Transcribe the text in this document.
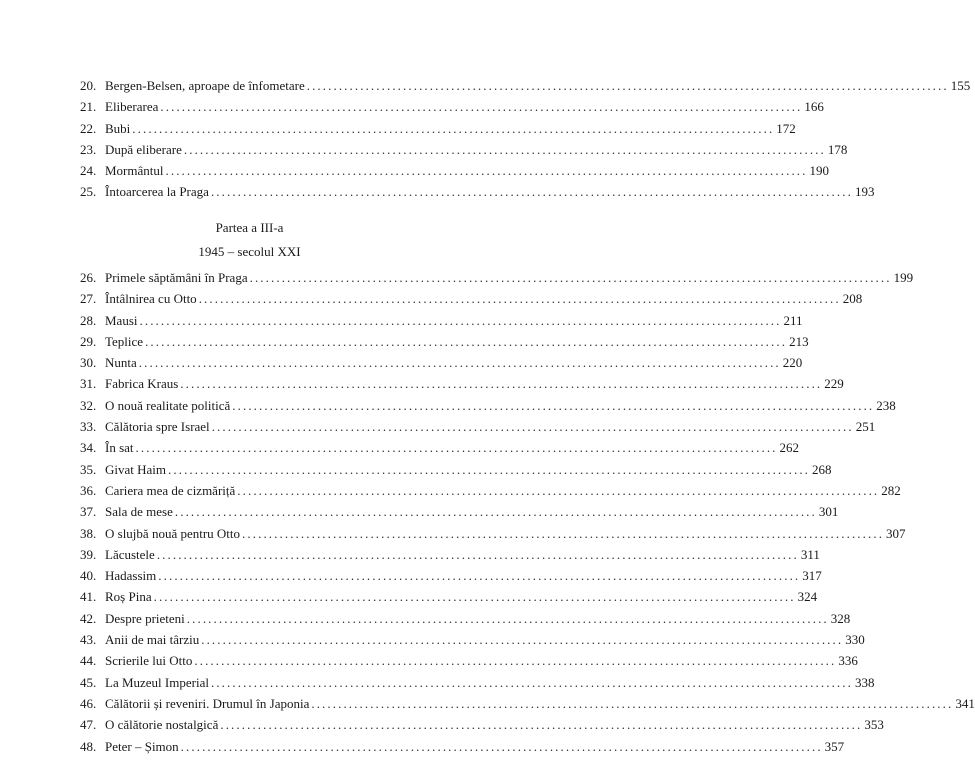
20. Bergen-Belsen, aproape de înfometare ........................................................................................................................ 155
21. Eliberarea ........................................................................................................................ 166
22. Bubi ........................................................................................................................ 172
23. După eliberare ........................................................................................................................ 178
24. Mormântul ........................................................................................................................ 190
25. Întoarcerea la Praga ........................................................................................................................ 193
Partea a III-a
1945 – secolul XXI
26. Primele săptămâni în Praga ........................................................................................................................ 199
27. Întâlnirea cu Otto ........................................................................................................................ 208
28. Mausi ........................................................................................................................ 211
29. Teplice ........................................................................................................................ 213
30. Nunta ........................................................................................................................ 220
31. Fabrica Kraus ........................................................................................................................ 229
32. O nouă realitate politică ........................................................................................................................ 238
33. Călătoria spre Israel ........................................................................................................................ 251
34. În sat ........................................................................................................................ 262
35. Givat Haim ........................................................................................................................ 268
36. Cariera mea de cizmăriță ........................................................................................................................ 282
37. Sala de mese ........................................................................................................................ 301
38. O slujbă nouă pentru Otto ........................................................................................................................ 307
39. Lăcustele ........................................................................................................................ 311
40. Hadassim ........................................................................................................................ 317
41. Roș Pina ........................................................................................................................ 324
42. Despre prieteni ........................................................................................................................ 328
43. Anii de mai târziu ........................................................................................................................ 330
44. Scrierile lui Otto ........................................................................................................................ 336
45. La Muzeul Imperial ........................................................................................................................ 338
46. Călătorii și reveniri. Drumul în Japonia ........................................................................................................................ 341
47. O călătorie nostalgică ........................................................................................................................ 353
48. Peter – Șimon ........................................................................................................................ 357
